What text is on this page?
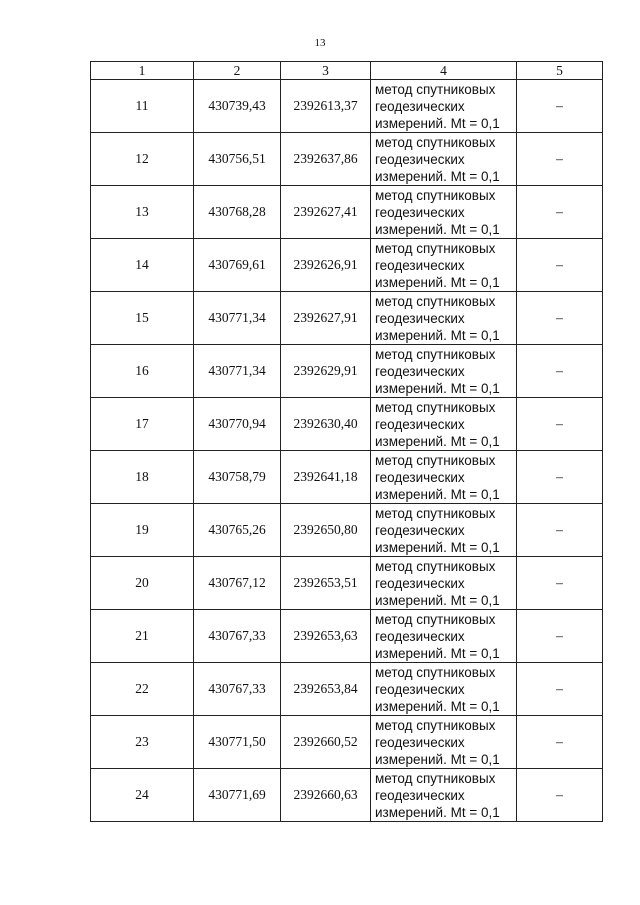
13
1	2	3	4	5
11	430739,43	2392613,37	метод спутниковых
геодезических
измерений. Mt = 0,1	–
12	430756,51	2392637,86	метод спутниковых
геодезических
измерений. Mt = 0,1	–
13	430768,28	2392627,41	метод спутниковых
геодезических
измерений. Mt = 0,1	–
14	430769,61	2392626,91	метод спутниковых
геодезических
измерений. Mt = 0,1	–
15	430771,34	2392627,91	метод спутниковых
геодезических
измерений. Mt = 0,1	–
16	430771,34	2392629,91	метод спутниковых
геодезических
измерений. Mt = 0,1	–
17	430770,94	2392630,40	метод спутниковых
геодезических
измерений. Mt = 0,1	–
18	430758,79	2392641,18	метод спутниковых
геодезических
измерений. Mt = 0,1	–
19	430765,26	2392650,80	метод спутниковых
геодезических
измерений. Mt = 0,1	–
20	430767,12	2392653,51	метод спутниковых
геодезических
измерений. Mt = 0,1	–
21	430767,33	2392653,63	метод спутниковых
геодезических
измерений. Mt = 0,1	–
22	430767,33	2392653,84	метод спутниковых
геодезических
измерений. Mt = 0,1	–
23	430771,50	2392660,52	метод спутниковых
геодезических
измерений. Mt = 0,1	–
24	430771,69	2392660,63	метод спутниковых
геодезических
измерений. Mt = 0,1	–
